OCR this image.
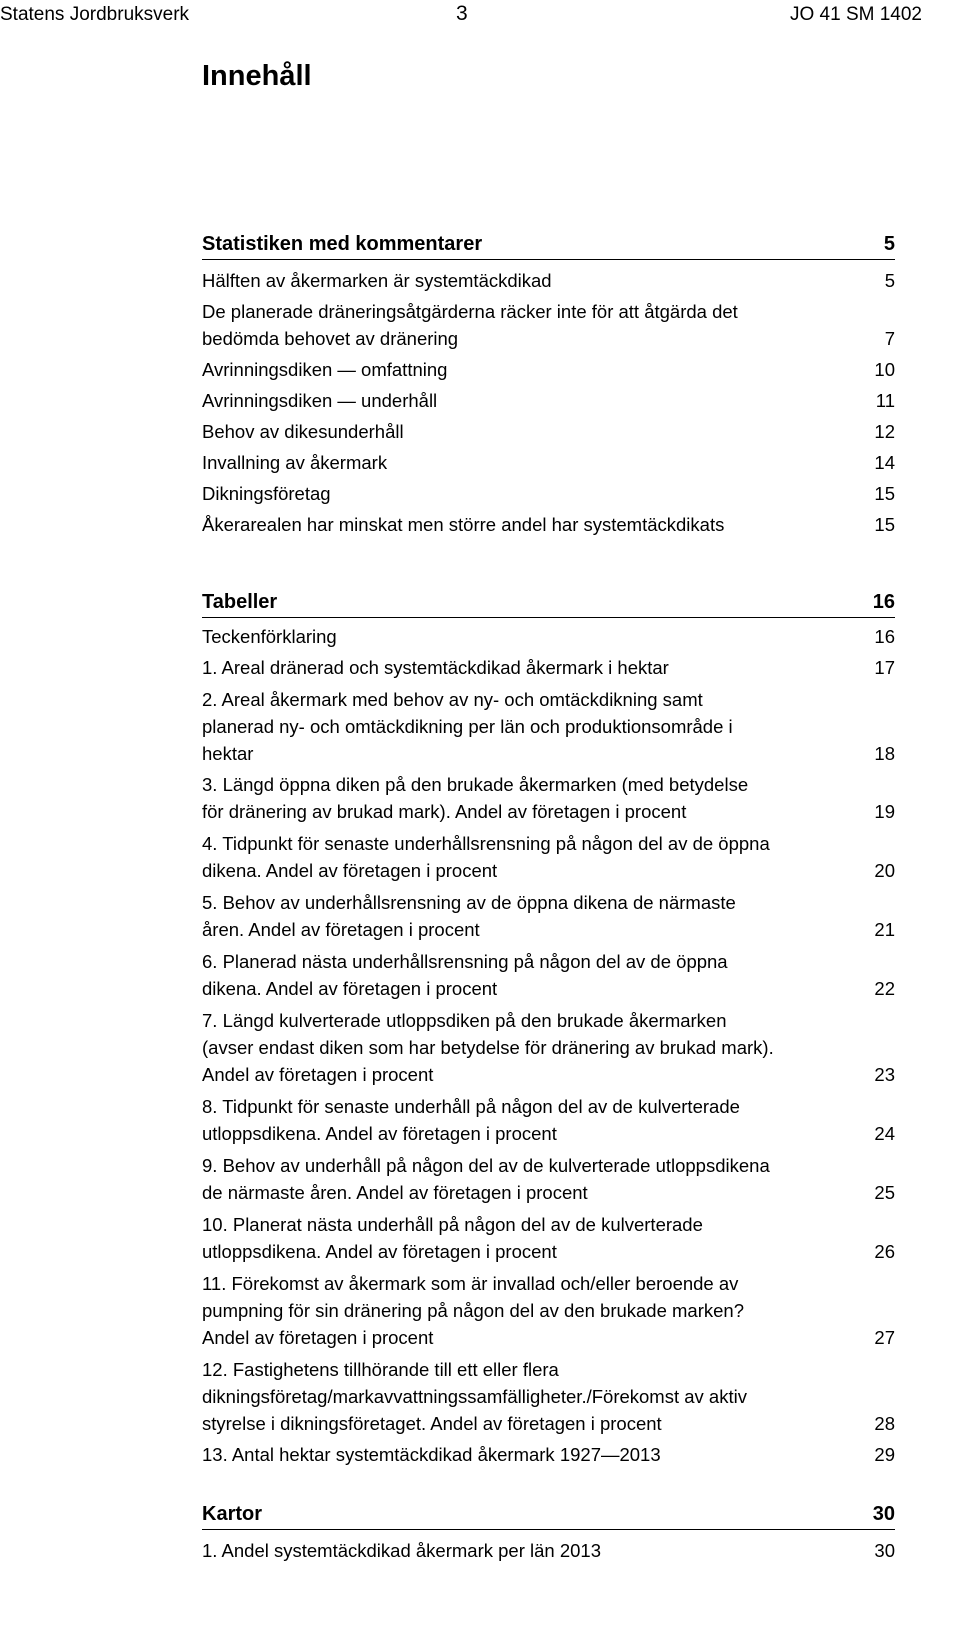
Statens Jordbruksverk	3	JO 41 SM 1402
Innehåll
Statistiken med kommentarer	5
Hälften av åkermarken är systemtäckdikad	5
De planerade dräneringsåtgärderna räcker inte för att åtgärda det
bedömda behovet av dränering	7
Avrinningsdiken — omfattning	10
Avrinningsdiken — underhåll	11
Behov av dikesunderhåll	12
Invallning av åkermark	14
Dikningsföretag	15
Åkerarealen har minskat men större andel har systemtäckdikats	15
Tabeller	16
Teckenförklaring	16
1. Areal dränerad och systemtäckdikad åkermark i hektar	17
2. Areal åkermark med behov av ny- och omtäckdikning samt
planerad ny- och omtäckdikning per län och produktionsområde i
hektar	18
3. Längd öppna diken på den brukade åkermarken (med betydelse
för dränering av brukad mark). Andel av företagen i procent	19
4. Tidpunkt för senaste underhållsrensning på någon del av de öppna
dikena. Andel av företagen i procent	20
5. Behov av underhållsrensning av de öppna dikena de närmaste
åren. Andel av företagen i procent	21
6. Planerad nästa underhållsrensning på någon del av de öppna
dikena. Andel av företagen i procent	22
7. Längd kulverterade utloppsdiken på den brukade åkermarken
(avser endast diken som har betydelse för dränering av brukad mark).
Andel av företagen i procent	23
8. Tidpunkt för senaste underhåll på någon del av de kulverterade
utloppsdikena. Andel av företagen i procent	24
9. Behov av underhåll på någon del av de kulverterade utloppsdikena
de närmaste åren. Andel av företagen i procent	25
10. Planerat nästa underhåll på någon del av de kulverterade
utloppsdikena. Andel av företagen i procent	26
11. Förekomst av åkermark som är invallad och/eller beroende av
pumpning för sin dränering på någon del av den brukade marken?
Andel av företagen i procent	27
12. Fastighetens tillhörande till ett eller flera
dikningsföretag/markavvattningssamfälligheter./Förekomst av aktiv
styrelse i dikningsföretaget. Andel av företagen i procent	28
13. Antal hektar systemtäckdikad åkermark 1927—2013	29
Kartor	30
1. Andel systemtäckdikad åkermark per län 2013	30
